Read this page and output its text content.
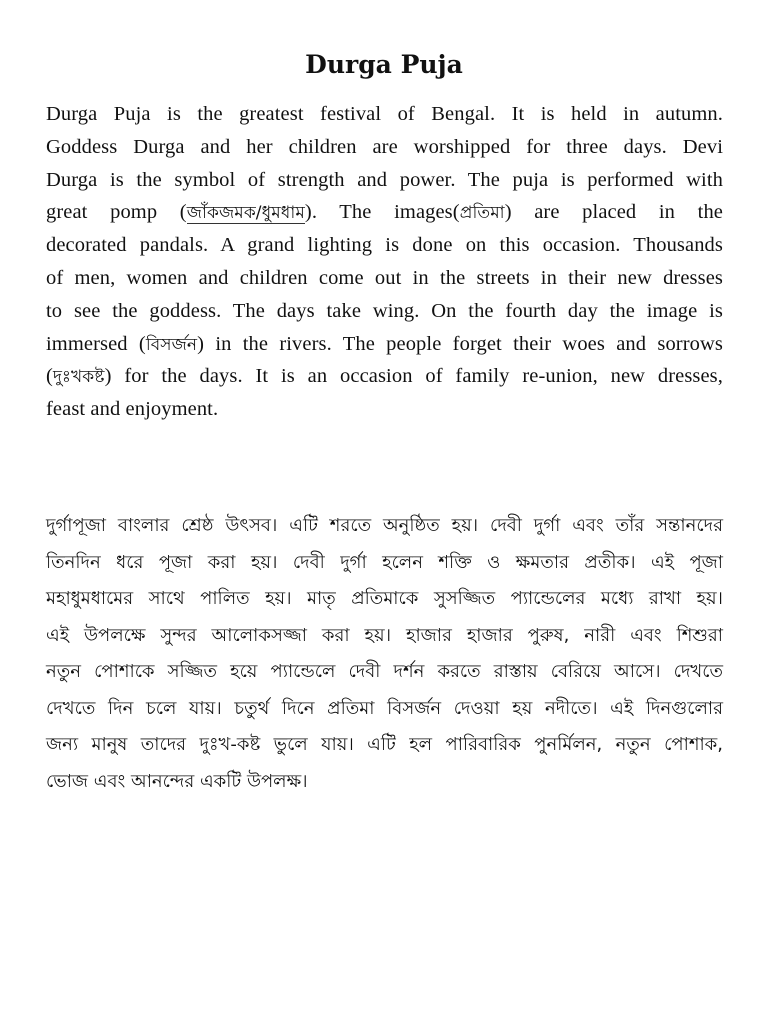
Durga Puja
Durga Puja is the greatest festival of Bengal. It is held in autumn.
Goddess Durga and her children are worshipped for three days. Devi
Durga is the symbol of strength and power. The puja is performed with
great pomp (জাঁকজমক/ধুমধাম). The images(প্রতিমা) are placed in the
decorated pandals. A grand lighting is done on this occasion. Thousands
of men, women and children come out in the streets in their new dresses
to see the goddess. The days take wing. On the fourth day the image is
immersed (বিসর্জন) in the rivers. The people forget their woes and sorrows
(দুঃখকষ্ট) for the days. It is an occasion of family re-union, new dresses,
feast and enjoyment.
দুর্গাপূজা বাংলার শ্রেষ্ঠ উৎসব। এটি শরতে অনুষ্ঠিত হয়। দেবী দুর্গা এবং তাঁর সন্তানদের
তিনদিন ধরে পূজা করা হয়। দেবী দুর্গা হলেন শক্তি ও ক্ষমতার প্রতীক। এই পূজা
মহাধুমধামের সাথে পালিত হয়। মাতৃ প্রতিমাকে সুসজ্জিত প্যান্ডেলের মধ্যে রাখা হয়।
এই উপলক্ষে সুন্দর আলোকসজ্জা করা হয়। হাজার হাজার পুরুষ, নারী এবং শিশুরা
নতুন পোশাকে সজ্জিত হয়ে প্যান্ডেলে দেবী দর্শন করতে রাস্তায় বেরিয়ে আসে। দেখতে
দেখতে দিন চলে যায়। চতুর্থ দিনে প্রতিমা বিসর্জন দেওয়া হয় নদীতে। এই দিনগুলোর
জন্য মানুষ তাদের দুঃখ-কষ্ট ভুলে যায়। এটি হল পারিবারিক পুনর্মিলন, নতুন পোশাক,
ভোজ এবং আনন্দের একটি উপলক্ষ।
